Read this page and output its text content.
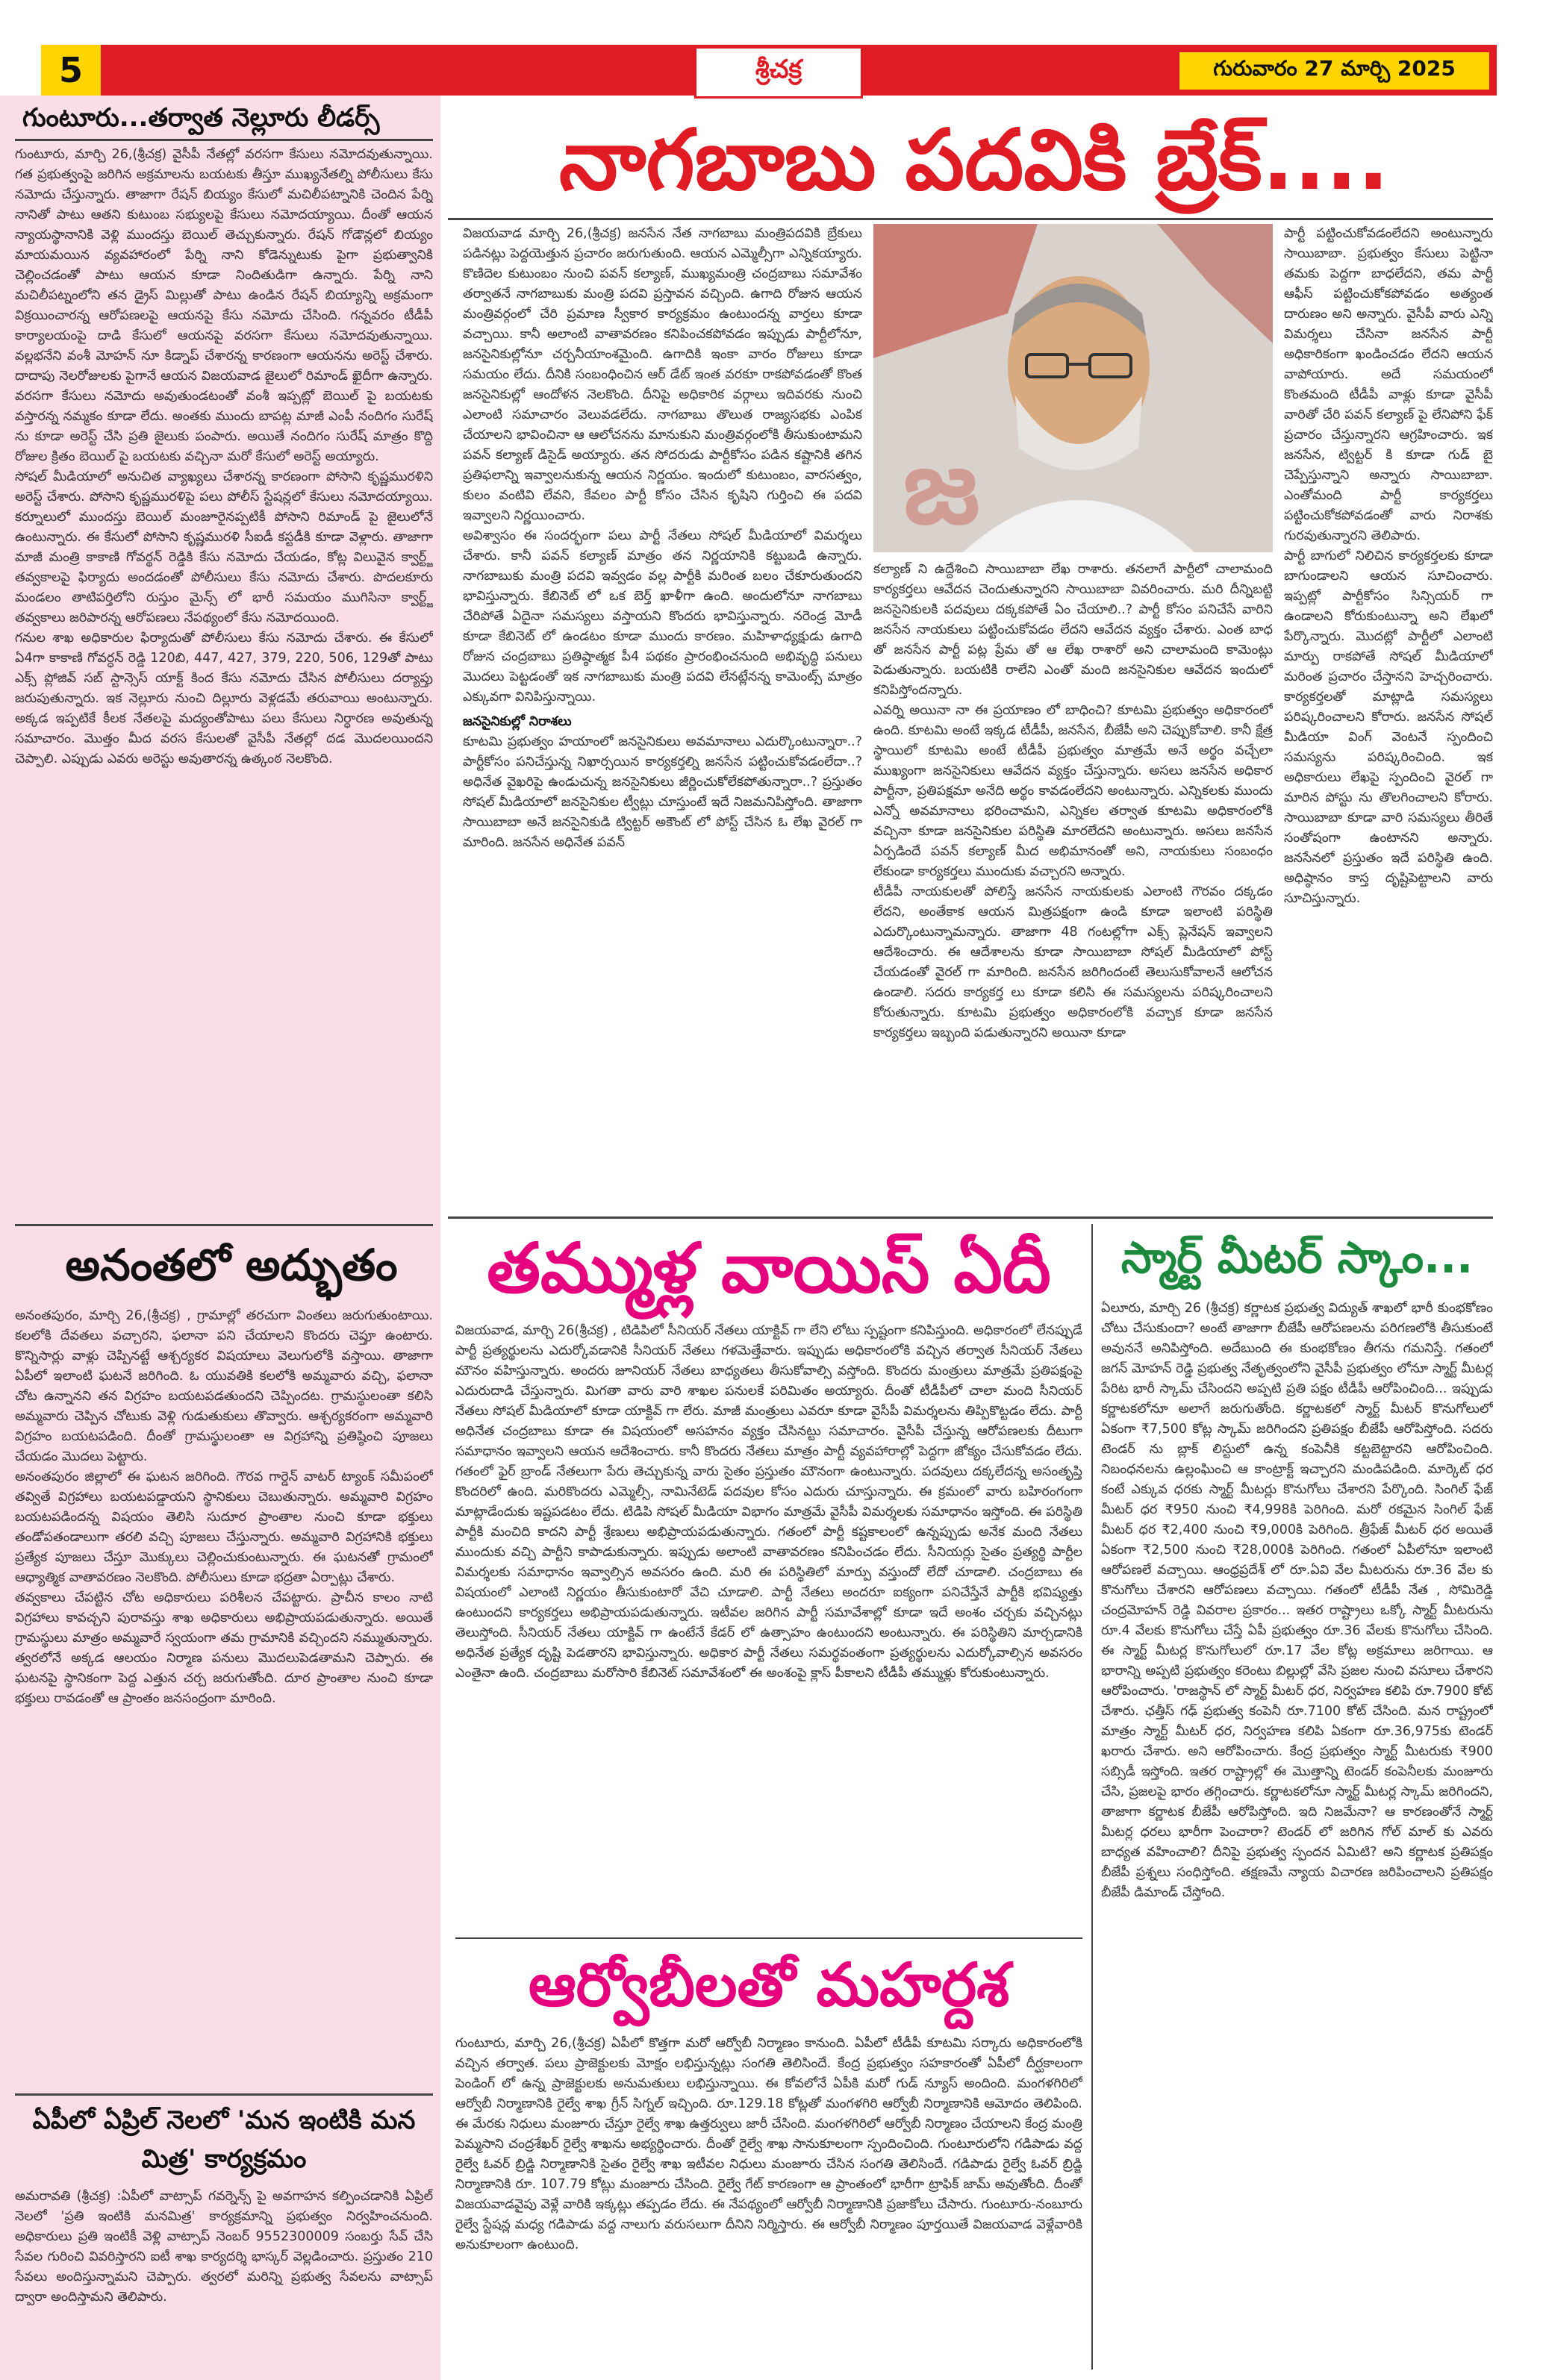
5	శ్రీచక్ర	గురువారం 27 మార్చి 2025
గుంటూరు...తర్వాత నెల్లూరు లీడర్స్

గుంటూరు, మార్చి 26,(శ్రీచక్ర) వైసీపీ నేతల్లో వరసగా కేసులు నమోదవుతున్నాయి. గత ప్రభుత్వంపై జరిగిన అక్రమాలను బయటకు తీస్తూ ముఖ్యనేతల్ని పోలీసులు కేసు నమోదు చేస్తున్నారు. తాజాగా రేషన్ బియ్యం కేసులో మచిలీపట్నానికి చెందిన పేర్ని నానితో పాటు ఆతని కుటుంబ సభ్యులపై కేసులు నమోదయ్యాయి. దీంతో ఆయన న్యాయస్థానానికి వెళ్లి ముందస్తు బెయిల్ తెచ్చుకున్నారు. రేషన్ గోడౌన్లలో బియ్యం మాయమయిన వ్యవహారంలో పేర్ని నాని కోడెన్నుటుకు పైగా ప్రభుత్వానికి చెల్లించడంతో పాటు ఆయన కూడా నిందితుడిగా ఉన్నారు. పేర్ని నాని మచిలీపట్నంలోని తన డ్రైస్ మిల్లుతో పాటు ఉండిన రేషన్ బియ్యాన్ని అక్రమంగా విక్రయించారన్న ఆరోపణలపై ఆయనపై కేసు నమోదు చేసింది. గన్నవరం టీడీపీ కార్యాలయంపై దాడి కేసులో ఆయనపై వరసగా కేసులు నమోదవుతున్నాయి. వల్లభనేని వంశీ మోహన్ నూ కిడ్నాప్ చేశారన్న కారణంగా ఆయనను అరెస్ట్ చేశారు. దాదాపు నెలరోజులకు పైగానే ఆయన విజయవాడ జైలులో రిమాండ్ ఖైదీగా ఉన్నారు. వరసగా కేసులు నమోదు అవుతుండటంతో వంశీ ఇప్పట్లో బెయిల్ పై బయటకు వస్తారన్న నమ్మకం కూడా లేదు. అంతకు ముందు బాపట్ల మాజీ ఎంపీ నందిగం సురేష్ ను కూడా అరెస్ట్ చేసి ప్రతి జైలుకు పంపారు. అయితే నందిగం సురేష్ మాత్రం కొద్ది రోజుల క్రితం బెయిల్ పై బయటకు వచ్చినా మరో కేసులో అరెస్ట్ అయ్యారు.

సోషల్ మీడియాలో అనుచిత వ్యాఖ్యలు చేశారన్న కారణంగా పోసాని కృష్ణమురళిని అరెస్ట్ చేశారు. పోసాని కృష్ణమురళిపై పలు పోలీస్ స్టేషన్లలో కేసులు నమోదయ్యాయి. కర్నూలులో ముందస్తు బెయిల్ మంజూరైనప్పటికీ పోసాని రిమాండ్ పై జైలులోనే ఉంటున్నారు. ఈ కేసులో పోసాని కృష్ణమురళి సీఐడీ కస్టడీకి కూడా వెళ్లారు. తాజాగా మాజీ మంత్రి కాకాణి గోవర్థన్ రెడ్డికి కేసు నమోదు చేయడం, కోట్ల విలువైన క్వార్ట్జ్ తవ్వకాలపై ఫిర్యాదు అందడంతో పోలీసులు కేసు నమోదు చేశారు. పొదలకూరు మండలం తాటిపర్తిలోని రుస్తుం మైన్స్ లో భారీ సమయం ముగిసినా క్వార్ట్జ్ తవ్వకాలు జరిపారన్న ఆరోపణలు నేపథ్యంలో కేసు నమోదయింది.

గనుల శాఖ అధికారుల ఫిర్యాదుతో పోలీసులు కేసు నమోదు చేశారు. ఈ కేసులో ఏ4గా కాకాణి గోవర్ధన్ రెడ్డి 120బి, 447, 427, 379, 220, 506, 129తో పాటు ఎక్స్ ప్లోజివ్ సబ్ స్టాన్సెస్ యాక్ట్ కింద కేసు నమోదు చేసిన పోలీసులు దర్యాప్తు జరుపుతున్నారు. ఇక నెల్లూరు నుంచి దిల్లూరు వెళ్లడమే తరువాయి అంటున్నారు. అక్కడ ఇప్పటికే కీలక నేతలపై మద్యంతోపాటు పలు కేసులు నిర్ధారణ అవుతున్న సమాచారం. మొత్తం మీద వరస కేసులతో వైసీపీ నేతల్లో దడ మొదలయిందని చెప్పాలి. ఎప్పుడు ఎవరు అరెస్టు అవుతారన్న ఉత్కంఠ నెలకొంది.

అనంతలో అద్భుతం

అనంతపురం, మార్చి 26,(శ్రీచక్ర) , గ్రామాల్లో తరచుగా వింతలు జరుగుతుంటాయి. కలలోకి దేవతలు వచ్చారని, ఫలానా పని చేయాలని కొందరు చెప్తూ ఉంటారు. కొన్నిసార్లు వాళ్లు చెప్పినట్టే ఆశ్చర్యకర విషయాలు వెలుగులోకి వస్తాయి. తాజాగా ఏపీలో ఇలాంటి ఘటనే జరిగింది. ఓ యువతికి కలలోకి అమ్మవారు వచ్చి, ఫలానా చోట ఉన్నానని తన విగ్రహం బయటపడతుందని చెప్పిందట. గ్రామస్థులంతా కలిసి అమ్మవారు చెప్పిన చోటుకు వెళ్లి గుడుతుకులు తొవ్వారు. ఆశ్చర్యకరంగా అమ్మవారి విగ్రహం బయటపడింది. దీంతో గ్రామస్థులంతా ఆ విగ్రహాన్ని ప్రతిష్ఠించి పూజలు చేయడం మొదలు పెట్టారు.

అనంతపురం జిల్లాలో ఈ ఘటన జరిగింది. గౌరవ గార్డెన్ వాటర్ ట్యాంక్ సమీపంలో తవ్వితే విగ్రహాలు బయటపడ్డాయని స్థానికులు చెబుతున్నారు. అమ్మవారి విగ్రహం బయటపడిందన్న విషయం తెలిసి సుదూర ప్రాంతాల నుంచి కూడా భక్తులు తండోపతండాలుగా తరలి వచ్చి పూజలు చేస్తున్నారు. అమ్మవారి విగ్రహానికి భక్తులు ప్రత్యేక పూజలు చేస్తూ మొక్కులు చెల్లించుకుంటున్నారు. ఈ ఘటనతో గ్రామంలో ఆధ్యాత్మిక వాతావరణం నెలకొంది. పోలీసులు కూడా భద్రతా ఏర్పాట్లు చేశారు.

తవ్వకాలు చేపట్టిన చోట అధికారులు పరిశీలన చేపట్టారు. ప్రాచీన కాలం నాటి విగ్రహాలు కావచ్చని పురావస్తు శాఖ అధికారులు అభిప్రాయపడుతున్నారు. అయితే గ్రామస్థులు మాత్రం అమ్మవారే స్వయంగా తమ గ్రామానికి వచ్చిందని నమ్ముతున్నారు. త్వరలోనే అక్కడ ఆలయం నిర్మాణ పనులు మొదలుపెడతామని చెప్పారు. ఈ ఘటనపై స్థానికంగా పెద్ద ఎత్తున చర్చ జరుగుతోంది. దూర ప్రాంతాల నుంచి కూడా భక్తులు రావడంతో ఆ ప్రాంతం జనసంద్రంగా మారింది.

ఏపీలో ఏప్రిల్ నెలలో 'మన ఇంటికి మన మిత్ర' కార్యక్రమం
అమరావతి (శ్రీచక్ర) :ఏపీలో వాట్సాప్ గవర్నెన్స్ పై అవగాహన కల్పించడానికి ఏప్రిల్ నెలలో 'ప్రతి ఇంటికి మనమిత్ర' కార్యక్రమాన్ని ప్రభుత్వం నిర్వహించనుంది. అధికారులు ప్రతి ఇంటికీ వెళ్లి వాట్సాప్ నెంబర్ 9552300009 సంబర్తు సేవ్ చేసి సేవల గురించి వివరిస్తారని ఐటీ శాఖ కార్యదర్శి భాస్కర్ వెల్లడించారు. ప్రస్తుతం 210 సేవలు అందిస్తున్నామని చెప్పారు. త్వరలో మరిన్ని ప్రభుత్వ సేవలను వాట్సాప్ ద్వారా అందిస్తామని తెలిపారు.
నాగబాబు పదవికి బ్రేక్....

విజయవాడ మార్చి 26,(శ్రీచక్ర) జనసేన నేత నాగబాబు మంత్రిపదవికి బ్రేకులు పడినట్లు పెద్దయెత్తున ప్రచారం జరుగుతుంది. ఆయన ఎమ్మెల్సీగా ఎన్నికయ్యారు. కొణిదెల కుటుంబం నుంచి పవన్ కల్యాణ్, ముఖ్యమంత్రి చంద్రబాబు సమావేశం తర్వాతనే నాగబాబుకు మంత్రి పదవి ప్రస్తావన వచ్చింది. ఉగాది రోజున ఆయన మంత్రివర్గంలో చేరి ప్రమాణ స్వీకార కార్యక్రమం ఉంటుందన్న వార్తలు కూడా వచ్చాయి. కానీ అలాంటి వాతావరణం కనిపించకపోవడం ఇప్పుడు పార్టీలోనూ, జనసైనికుల్లోనూ చర్చనీయాంశమైంది. ఉగాదికి ఇంకా వారం రోజులు కూడా సమయం లేదు. దీనికి సంబంధించిన ఆర్ డేట్ ఇంత వరకూ రాకపోవడంతో కొంత జనసైనికుల్లో ఆందోళన నెలకొంది. దీనిపై అధికారిక వర్గాలు ఇదివరకు నుంచి ఎలాంటి సమాచారం వెలువడలేదు. నాగబాబు తొలుత రాజ్యసభకు ఎంపిక చేయాలని భావించినా ఆ ఆలోచనను మానుకుని మంత్రివర్గంలోకి తీసుకుంటామని పవన్ కల్యాణ్ డిసైడ్ అయ్యారు. తన సోదరుడు పార్టీకోసం పడిన కష్టానికి తగిన ప్రతిఫలాన్ని ఇవ్వాలనుకున్న ఆయన నిర్ణయం. ఇందులో కుటుంబం, వారసత్వం, కులం వంటివి లేవని, కేవలం పార్టీ కోసం చేసిన కృషిని గుర్తించి ఈ పదవి ఇవ్వాలని నిర్ణయించారు.

అవిశ్వాసం ఈ సందర్భంగా పలు పార్టీ నేతలు సోషల్ మీడియాలో విమర్శలు చేశారు. కానీ పవన్ కల్యాణ్ మాత్రం తన నిర్ణయానికి కట్టుబడి ఉన్నారు. నాగబాబుకు మంత్రి పదవి ఇవ్వడం వల్ల పార్టీకి మరింత బలం చేకూరుతుందని భావిస్తున్నారు. కేబినెట్ లో ఒక బెర్త్ ఖాళీగా ఉంది. అందులోనూ నాగబాబు చేరిపోతే ఏదైనా సమస్యలు వస్తాయని కొందరు భావిస్తున్నారు. నరెండ్ర మోడీ కూడా కేబినెట్ లో ఉండటం కూడా ముందు కారణం. మహిళాధ్యక్షుడు ఉగాది రోజున చంద్రబాబు ప్రతిష్ఠాత్మక పీ4 పథకం ప్రారంభించనుంది అభివృద్ధి పనులు మొదలు పెట్టడంతో ఇక నాగబాబుకు మంత్రి పదవి లేనట్లేనన్న కామెంట్స్ మాత్రం ఎక్కువగా వినిపిస్తున్నాయి.

జనసైనికుల్లో నిరాశలు

కూటమి ప్రభుత్వం హయాంలో జనసైనికులు అవమానాలు ఎదుర్కొంటున్నారా..? పార్టీకోసం పనిచేస్తున్న నిఖార్సయిన కార్యకర్తల్ని జనసేన పట్టించుకోవడంలేదా..? అధినేత వైఖరిపై ఉండుచున్న జనసైనికులు జీర్ణించుకోలేకపోతున్నారా..? ప్రస్తుతం సోషల్ మీడియాలో జనసైనికుల ట్వీట్లు చూస్తుంటే ఇదే నిజమనిపిస్తోంది. తాజాగా సాయిబాబా అనే జనసైనికుడి ట్విట్టర్ అకౌంట్ లో పోస్ట్ చేసిన ఓ లేఖ వైరల్ గా మారింది. జనసేన అధినేత పవన్

జ

కల్యాణ్ ని ఉద్దేశించి సాయిబాబా లేఖ రాశారు. తనలాగే పార్టీలో చాలామంది కార్యకర్తలు ఆవేదన చెందుతున్నారని సాయిబాబా వివరించారు. మరి దీన్నిబట్టి జనసైనికులకి పదవులు దక్కకపోతే ఏం చేయాలి..? పార్టీ కోసం పనిచేసే వారిని జనసేన నాయకులు పట్టించుకోవడం లేదని ఆవేదన వ్యక్తం చేశారు. ఎంత బాధ తో జనసేన పార్టీ పట్ల ప్రేమ తో ఆ లేఖ రాశారో అని చాలామంది కామెంట్లు పెడుతున్నారు. బయటికి రాలేని ఎంతో మంది జనసైనికుల ఆవేదన ఇందులో కనిపిస్తోందన్నారు.

ఎవర్ని అయినా నా ఈ ప్రయాణం లో బాధించి? కూటమి ప్రభుత్వం అధికారంలో ఉంది. కూటమి అంటే ఇక్కడ టీడీపీ, జనసేన, బీజేపీ అని చెప్పుకోవాలి. కానీ క్షేత్ర స్థాయిలో కూటమి అంటే టీడీపీ ప్రభుత్వం మాత్రమే అనే అర్థం వచ్చేలా ముఖ్యంగా జనసైనికులు ఆవేదన వ్యక్తం చేస్తున్నారు. అసలు జనసేన అధికార పార్టీనా, ప్రతిపక్షమా అనేది అర్థం కావడంలేదని అంటున్నారు. ఎన్నికలకు ముందు ఎన్నో అవమానాలు భరించామని, ఎన్నికల తర్వాత కూటమి అధికారంలోకి వచ్చినా కూడా జనసైనికుల పరిస్థితి మారలేదని అంటున్నారు. అసలు జనసేన ఏర్పడిందే పవన్ కల్యాణ్ మీద అభిమానంతో అని, నాయకులు సంబంధం లేకుండా కార్యకర్తలు ముందుకు వచ్చారని అన్నారు.

టీడీపీ నాయకులతో పోలిస్తే జనసేన నాయకులకు ఎలాంటి గౌరవం దక్కడం లేదని, అంతేకాక ఆయన మిత్రపక్షంగా ఉండి కూడా ఇలాంటి పరిస్థితి ఎదుర్కొంటున్నామన్నారు. తాజాగా 48 గంటల్లోగా ఎక్స్ ప్లెనేషన్ ఇవ్వాలని ఆదేశించారు. ఈ ఆదేశాలను కూడా సాయిబాబా సోషల్ మీడియాలో పోస్ట్ చేయడంతో వైరల్ గా మారింది. జనసేన జరిగిందంటే తెలుసుకోవాలనే ఆలోచన ఉండాలి. సదరు కార్యకర్త లు కూడా కలిసి ఈ సమస్యలను పరిష్కరించాలని కోరుతున్నారు. కూటమి ప్రభుత్వం అధికారంలోకి వచ్చాక కూడా జనసేన కార్యకర్తలు ఇబ్బంది పడుతున్నారని అయినా కూడా

పార్టీ పట్టించుకోవడంలేదని అంటున్నారు సాయిబాబా. ప్రభుత్వం కేసులు పెట్టినా తమకు పెద్దగా బాధలేదని, తమ పార్టీ ఆఫీస్ పట్టించుకోకపోవడం అత్యంత దారుణం అని అన్నారు. వైసీపీ వారు ఎన్ని విమర్శలు చేసినా జనసేన పార్టీ అధికారికంగా ఖండించడం లేదని ఆయన వాపోయారు. అదే సమయంలో కొంతమంది టీడీపీ వాళ్లు కూడా వైసీపీ వారితో చేరి పవన్ కల్యాణ్ పై లేనిపోని ఫేక్ ప్రచారం చేస్తున్నారని ఆగ్రహించారు. ఇక జనసేన, ట్విట్టర్ కి కూడా గుడ్ బై చెప్పేస్తున్నాని అన్నారు సాయిబాబా. ఎంతోమంది పార్టీ కార్యకర్తలు పట్టించుకోకపోవడంతో వారు నిరాశకు గురవుతున్నారని తెలిపారు.

పార్టీ బాగులో నిలిచిన కార్యకర్తలకు కూడా బాగుండాలని ఆయన సూచించారు. ఇప్పట్లో పార్టీకోసం సిన్సియర్ గా ఉండాలని కోరుకుంటున్నా అని లేఖలో పేర్కొన్నారు. మొదట్లో పార్టీలో ఎలాంటి మార్పు రాకపోతే సోషల్ మీడియాలో మరింత ప్రచారం చేస్తానని హెచ్చరించారు. కార్యకర్తలతో మాట్లాడి సమస్యలు పరిష్కరించాలని కోరారు. జనసేన సోషల్ మీడియా వింగ్ వెంటనే స్పందించి సమస్యను పరిష్కరించింది. ఇక అధికారులు లేఖపై స్పందించి వైరల్ గా మారిన పోస్టు ను తొలగించాలని కోరారు. సాయిబాబా కూడా వారి సమస్యలు తీరితే సంతోషంగా ఉంటానని అన్నారు. జనసేనలో ప్రస్తుతం ఇదే పరిస్థితి ఉంది. అధిష్ఠానం కాస్త దృష్టిపెట్టాలని వారు సూచిస్తున్నారు.

తమ్ముళ్ల వాయిస్ ఏదీ
విజయవాడ, మార్చి 26(శ్రీచక్ర) , టిడిపిలో సీనియర్ నేతలు యాక్టివ్ గా లేని లోటు స్పష్టంగా కనిపిస్తుంది. అధికారంలో లేనప్పుడే పార్టీ ప్రత్యర్థులను ఎదుర్కోవడానికి సీనియర్ నేతలు గళమెత్తేవారు. ఇప్పుడు అధికారంలోకి వచ్చిన తర్వాత సీనియర్ నేతలు మౌనం వహిస్తున్నారు. అందరు జూనియర్ నేతలు బాధ్యతలు తీసుకోవాల్సి వస్తోంది. కొందరు మంత్రులు మాత్రమే ప్రతిపక్షంపై ఎదురుదాడి చేస్తున్నారు. మిగతా వారు వారి శాఖల పనులకే పరిమితం అయ్యారు. దీంతో టీడీపీలో చాలా మంది సీనియర్ నేతలు సోషల్ మీడియాలో కూడా యాక్టివ్ గా లేరు. మాజీ మంత్రులు ఎవరూ కూడా వైసీపీ విమర్శలను తిప్పికొట్టడం లేదు. పార్టీ అధినేత చంద్రబాబు కూడా ఈ విషయంలో అసహనం వ్యక్తం చేసినట్టు సమాచారం. వైసీపీ చేస్తున్న ఆరోపణలకు దీటుగా సమాధానం ఇవ్వాలని ఆయన ఆదేశించారు. కానీ కొందరు నేతలు మాత్రం పార్టీ వ్యవహారాల్లో పెద్దగా జోక్యం చేసుకోవడం లేదు. గతంలో ఫైర్ బ్రాండ్ నేతలుగా పేరు తెచ్చుకున్న వారు సైతం ప్రస్తుతం మౌనంగా ఉంటున్నారు. పదవులు దక్కలేదన్న అసంతృప్తి కొందరిలో ఉంది. మరికొందరు ఎమ్మెల్సీ, నామినేటెడ్ పదవుల కోసం ఎదురు చూస్తున్నారు. ఈ క్రమంలో వారు బహిరంగంగా మాట్లాడేందుకు ఇష్టపడటం లేదు. టిడిపి సోషల్ మీడియా విభాగం మాత్రమే వైసీపీ విమర్శలకు సమాధానం ఇస్తోంది. ఈ పరిస్థితి పార్టీకి మంచిది కాదని పార్టీ శ్రేణులు అభిప్రాయపడుతున్నారు. గతంలో పార్టీ కష్టకాలంలో ఉన్నప్పుడు అనేక మంది నేతలు ముందుకు వచ్చి పార్టీని కాపాడుకున్నారు. ఇప్పుడు అలాంటి వాతావరణం కనిపించడం లేదు. సీనియర్లు సైతం ప్రత్యర్థి పార్టీల విమర్శలకు సమాధానం ఇవ్వాల్సిన అవసరం ఉంది. మరి ఈ పరిస్థితిలో మార్పు వస్తుందో లేదో చూడాలి. చంద్రబాబు ఈ విషయంలో ఎలాంటి నిర్ణయం తీసుకుంటారో వేచి చూడాలి. పార్టీ నేతలు అందరూ ఐక్యంగా పనిచేస్తేనే పార్టీకి భవిష్యత్తు ఉంటుందని కార్యకర్తలు అభిప్రాయపడుతున్నారు. ఇటీవల జరిగిన పార్టీ సమావేశాల్లో కూడా ఇదే అంశం చర్చకు వచ్చినట్లు తెలుస్తోంది. సీనియర్ నేతలు యాక్టివ్ గా ఉంటేనే కేడర్ లో ఉత్సాహం ఉంటుందని అంటున్నారు. ఈ పరిస్థితిని మార్చడానికి అధినేత ప్రత్యేక దృష్టి పెడతారని భావిస్తున్నారు. అధికార పార్టీ నేతలు సమర్థవంతంగా ప్రత్యర్థులను ఎదుర్కోవాల్సిన అవసరం ఎంతైనా ఉంది. చంద్రబాబు మరోసారి కేబినెట్ సమావేశంలో ఈ అంశంపై క్లాస్ పీకాలని టీడీపీ తమ్ముళ్లు కోరుకుంటున్నారు.
ఆర్వోబీలతో మహర్దశ
గుంటూరు, మార్చి 26,(శ్రీచక్ర) ఏపీలో కొత్తగా మరో ఆర్వోబీ నిర్మాణం కానుంది. ఏపీలో టీడీపీ కూటమి సర్కారు అధికారంలోకి వచ్చిన తర్వాత. పలు ప్రాజెక్టులకు మోక్షం లభిస్తున్నట్లు సంగతి తెలిసిందే. కేంద్ర ప్రభుత్వం సహకారంతో ఏపీలో దీర్ఘకాలంగా పెండింగ్ లో ఉన్న ప్రాజెక్టులకు అనుమతులు లభిస్తున్నాయి. ఈ కోవలోనే ఏపీకి మరో గుడ్ న్యూస్ అందింది. మంగళగిరిలో ఆర్వోబీ నిర్మాణానికి రైల్వే శాఖ గ్రీన్ సిగ్నల్ ఇచ్చింది. రూ.129.18 కోట్లతో మంగళగిరి ఆర్వోబీ నిర్మాణానికి ఆమోదం తెలిపింది. ఈ మేరకు నిధులు మంజూరు చేస్తూ రైల్వే శాఖ ఉత్తర్వులు జారీ చేసింది. మంగళగిరిలో ఆర్వోబీ నిర్మాణం చేయాలని కేంద్ర మంత్రి పెమ్మసాని చంద్రశేఖర్ రైల్వే శాఖను అభ్యర్థించారు. దీంతో రైల్వే శాఖ సానుకూలంగా స్పందించింది. గుంటూరులోని గడిపాడు వద్ద రైల్వే ఓవర్ బ్రిడ్జి నిర్మాణానికి సైతం రైల్వే శాఖ ఇటీవల నిధులు మంజూరు చేసిన సంగతి తెలిసిందే. గడిపాడు రైల్వే ఓవర్ బ్రిడ్జి నిర్మాణానికి రూ. 107.79 కోట్లు మంజూరు చేసింది. రైల్వే గేట్ కారణంగా ఆ ప్రాంతంలో భారీగా ట్రాఫిక్ జామ్ అవుతోంది. దీంతో విజయవాడవైపు వెళ్లే వారికి ఇక్కట్లు తప్పడం లేదు. ఈ నేపథ్యంలో ఆర్వోబీ నిర్మాణానికి ప్రజాకోలు చేసారు. గుంటూరు-నంబూరు రైల్వే స్టేషన్ల మధ్య గడిపాడు వద్ద నాలుగు వరుసలుగా దీనిని నిర్మిస్తారు. ఈ ఆర్వోబీ నిర్మాణం పూర్తయితే విజయవాడ వెళ్లేవారికి అనుకూలంగా ఉంటుంది.
స్మార్ట్ మీటర్ స్కాం...
ఏలూరు, మార్చి 26 (శ్రీచక్ర) కర్ణాటక ప్రభుత్వ విద్యుత్ శాఖలో భారీ కుంభకోణం చోటు చేసుకుందా? అంటే తాజాగా బీజేపీ ఆరోపణలను పరిగణలోకి తీసుకుంటే అవుననే అనిపిస్తోంది. అదేబుంది ఈ కుంభకోణం తీగను గమనిస్తే. గతంలో జగన్ మోహన్ రెడ్డి ప్రభుత్వ నేతృత్వంలోని వైసీపీ ప్రభుత్వం లోనూ స్మార్ట్ మీటర్ల పేరిట భారీ స్కామ్ చేసిందని అప్పటి ప్రతి పక్షం టీడీపీ ఆరోపించింది... ఇప్పుడు కర్ణాటకలోనూ అలాగే జరుగుతోంది. కర్ణాటకలో స్మార్ట్ మీటర్ కొనుగోలులో ఏకంగా ₹7,500 కోట్ల స్కామ్ జరిగిందని ప్రతిపక్షం బీజేపీ ఆరోపిస్తోంది. సదరు టెండర్ ను బ్లాక్ లిస్టులో ఉన్న కంపెనీకి కట్టబెట్టారని ఆరోపించింది. నిబంధనలను ఉల్లంఘించి ఆ కాంట్రాక్ట్ ఇచ్చారని మండిపడింది. మార్కెట్ ధర కంటే ఎక్కువ ధరకు స్మార్ట్ మీటర్లు కొనుగోలు చేశారని పేర్కొంది. సింగిల్ ఫేజ్ మీటర్ ధర ₹950 నుంచి ₹4,998కి పెరిగింది. మరో రకమైన సింగిల్ ఫేజ్ మీటర్ ధర ₹2,400 నుంచి ₹9,000కి పెరిగింది. త్రీఫేజ్ మీటర్ ధర అయితే ఏకంగా ₹2,500 నుంచి ₹28,000కి పెరిగింది. గతంలో ఏపీలోనూ ఇలాంటి ఆరోపణలే వచ్చాయి. ఆంధ్రప్రదేశ్ లో రూ.ఏవి వేల మీటరును రూ.36 వేల కు కొనుగోలు చేశారని ఆరోపణలు వచ్చాయి. గతంలో టీడీపీ నేత , సోమిరెడ్డి చంద్రమోహన్ రెడ్డి వివరాల ప్రకారం... ఇతర రాష్ట్రాలు ఒక్కో స్మార్ట్ మీటరును రూ.4 వేలకు కొనుగోలు చేస్తే ఏపీ ప్రభుత్వం రూ.36 వేలకు కొనుగోలు చేసింది. ఈ స్మార్ట్ మీటర్ల కొనుగోలులో రూ.17 వేల కోట్ల అక్రమాలు జరిగాయి. ఆ భారాన్ని అప్పటి ప్రభుత్వం కరెంటు బిల్లుల్లో వేసి ప్రజల నుంచి వసూలు చేశారని ఆరోపించారు. 'రాజస్థాన్ లో స్మార్ట్ మీటర్ ధర, నిర్వహణ కలిపి రూ.7900 కోట్ చేశారు. ఛత్తీస్ గఢ్ ప్రభుత్వ కంపెనీ రూ.7100 కోట్ చేసింది. మన రాష్ట్రంలో మాత్రం స్మార్ట్ మీటర్ ధర, నిర్వహణ కలిపి ఏకంగా రూ.36,975కు టెండర్ ఖరారు చేశారు. అని ఆరోపించారు. కేంద్ర ప్రభుత్వం స్మార్ట్ మీటరుకు ₹900 సబ్సిడీ ఇస్తోంది. ఇతర రాష్ట్రాల్లో ఈ మొత్తాన్ని టెండర్ కంపెనీలకు మంజూరు చేసి, ప్రజలపై భారం తగ్గించారు. కర్ణాటకలోనూ స్మార్ట్ మీటర్ల స్కామ్ జరిగిందని, తాజాగా కర్ణాటక బీజేపీ ఆరోపిస్తోంది. ఇది నిజమేనా? ఆ కారణంతోనే స్మార్ట్ మీటర్ల ధరలు భారీగా పెంచారా? టెండర్ లో జరిగిన గోల్ మాల్ కు ఎవరు బాధ్యత వహించాలి? దీనిపై ప్రభుత్వ స్పందన ఏమిటి? అని కర్ణాటక ప్రతిపక్షం బీజేపీ ప్రశ్నలు సంధిస్తోంది. తక్షణమే న్యాయ విచారణ జరిపించాలని ప్రతిపక్షం బీజేపీ డిమాండ్ చేస్తోంది.
